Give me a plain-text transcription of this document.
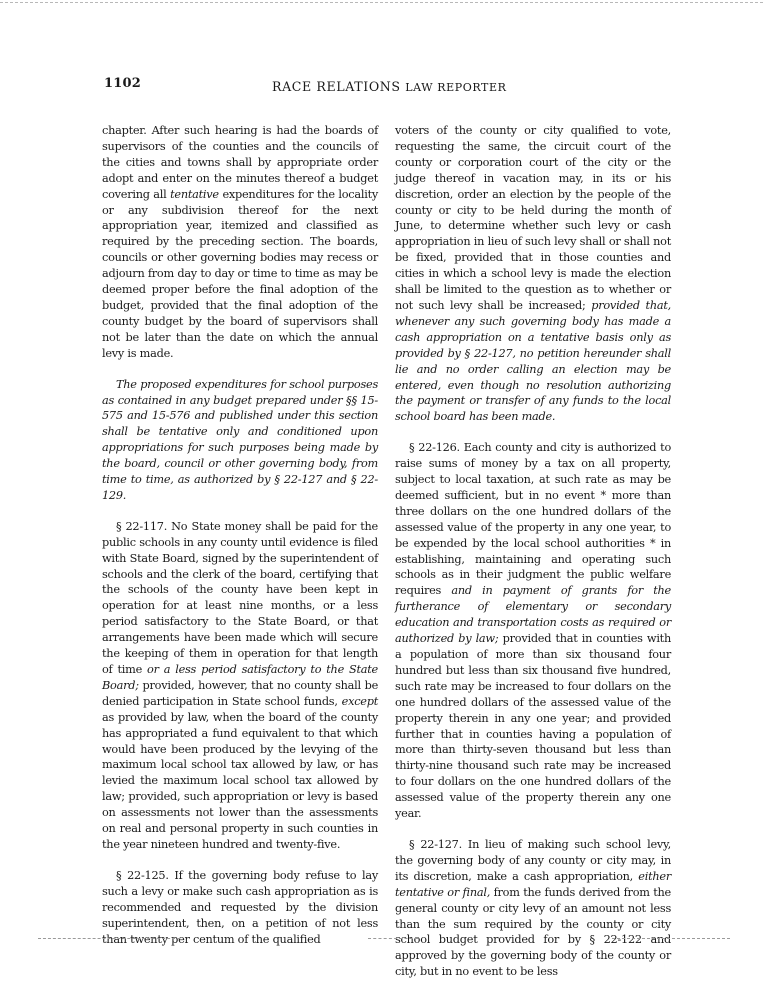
1102	RACE RELATIONS LAW REPORTER

chapter. After such hearing is had the boards of supervisors of the counties and the councils of the cities and towns shall by appropriate order adopt and enter on the minutes thereof a budget covering all tentative expenditures for the locality or any subdivision thereof for the next appropriation year, itemized and classified as required by the preceding section. The boards, councils or other governing bodies may recess or adjourn from day to day or time to time as may be deemed proper before the final adoption of the budget, provided that the final adoption of the county budget by the board of supervisors shall not be later than the date on which the annual levy is made.

The proposed expenditures for school purposes as contained in any budget prepared under §§ 15-575 and 15-576 and published under this section shall be tentative only and conditioned upon appropriations for such purposes being made by the board, council or other governing body, from time to time, as authorized by § 22-127 and § 22-129.

§ 22-117. No State money shall be paid for the public schools in any county until evidence is filed with State Board, signed by the superintendent of schools and the clerk of the board, certifying that the schools of the county have been kept in operation for at least nine months, or a less period satisfactory to the State Board, or that arrangements have been made which will secure the keeping of them in operation for that length of time or a less period satisfactory to the State Board; provided, however, that no county shall be denied participation in State school funds, except as provided by law, when the board of the county has appropriated a fund equivalent to that which would have been produced by the levying of the maximum local school tax allowed by law, or has levied the maximum local school tax allowed by law; provided, such appropriation or levy is based on assessments not lower than the assessments on real and personal property in such counties in the year nineteen hundred and twenty-five.

§ 22-125. If the governing body refuse to lay such a levy or make such cash appropriation as is recommended and requested by the division superintendent, then, on a petition of not less than twenty per centum of the qualified

voters of the county or city qualified to vote, requesting the same, the circuit court of the county or corporation court of the city or the judge thereof in vacation may, in its or his discretion, order an election by the people of the county or city to be held during the month of June, to determine whether such levy or cash appropriation in lieu of such levy shall or shall not be fixed, provided that in those counties and cities in which a school levy is made the election shall be limited to the question as to whether or not such levy shall be increased; provided that, whenever any such governing body has made a cash appropriation on a tentative basis only as provided by § 22-127, no petition hereunder shall lie and no order calling an election may be entered, even though no resolution authorizing the payment or transfer of any funds to the local school board has been made.

§ 22-126. Each county and city is authorized to raise sums of money by a tax on all property, subject to local taxation, at such rate as may be deemed sufficient, but in no event * more than three dollars on the one hundred dollars of the assessed value of the property in any one year, to be expended by the local school authorities * in establishing, maintaining and operating such schools as in their judgment the public welfare requires and in payment of grants for the furtherance of elementary or secondary education and transportation costs as required or authorized by law; provided that in counties with a population of more than six thousand four hundred but less than six thousand five hundred, such rate may be increased to four dollars on the one hundred dollars of the assessed value of the property therein in any one year; and provided further that in counties having a population of more than thirty-seven thousand but less than thirty-nine thousand such rate may be increased to four dollars on the one hundred dollars of the assessed value of the property therein any one year.

§ 22-127. In lieu of making such school levy, the governing body of any county or city may, in its discretion, make a cash appropriation, either tentative or final, from the funds derived from the general county or city levy of an amount not less than the sum required by the county or city school budget provided for by § 22-122 and approved by the governing body of the county or city, but in no event to be less
